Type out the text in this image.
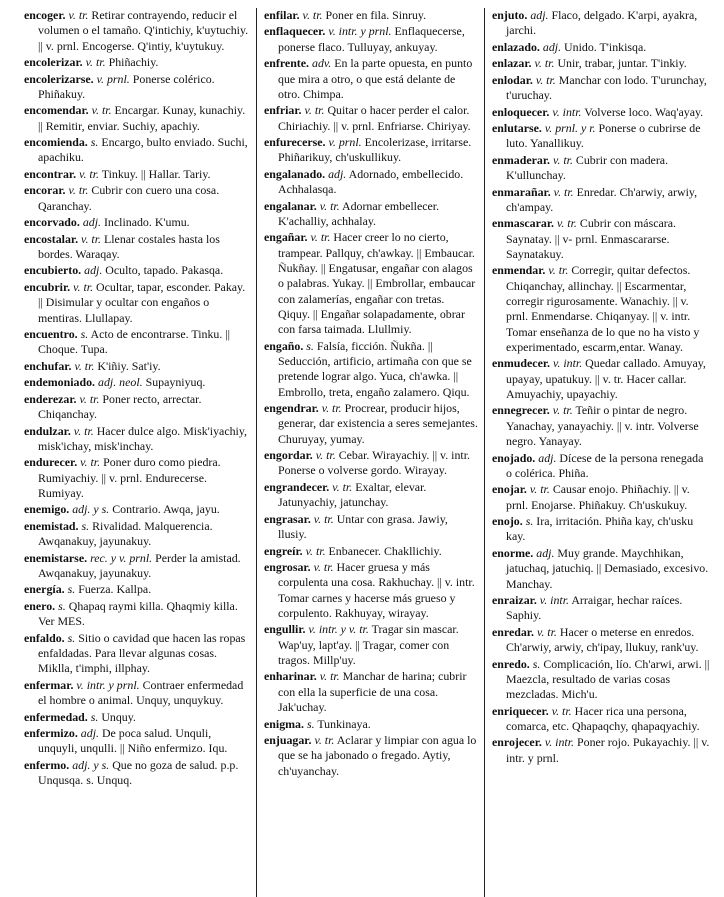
encoger. v. tr. Retirar contrayendo, reducir el volumen o el tamaño. Q'intichiy, k'uytuchiy. || v. prnl. Encogerse. Q'intiy, k'uytukuy.
encolerizar. v. tr. Phiñachiy.
encolerizarse. v. prnl. Ponerse colérico. Phiñakuy.
encomendar. v. tr. Encargar. Kunay, kunachiy. || Remitir, enviar. Suchiy, apachiy.
encomienda. s. Encargo, bulto enviado. Suchi, apachiku.
encontrar. v. tr. Tinkuy. || Hallar. Tariy.
encorar. v. tr. Cubrir con cuero una cosa. Qaranchay.
encorvado. adj. Inclinado. K'umu.
encostalar. v. tr. Llenar costales hasta los bordes. Waraqay.
encubierto. adj. Oculto, tapado. Pakasqa.
encubrir. v. tr. Ocultar, tapar, esconder. Pakay. || Disimular y ocultar con engaños o mentiras. Llullapay.
encuentro. s. Acto de encontrarse. Tinku. || Choque. Tupa.
enchufar. v. tr. K'iñiy. Sat'iy.
endemoniado. adj. neol. Supayniyuq.
enderezar. v. tr. Poner recto, arrectar. Chiqanchay.
endulzar. v. tr. Hacer dulce algo. Misk'iyachiy, misk'ichay, misk'inchay.
endurecer. v. tr. Poner duro como piedra. Rumiyachiy. || v. prnl. Endurecerse. Rumiyay.
enemigo. adj. y s. Contrario. Awqa, jayu.
enemistad. s. Rivalidad. Malquerencia. Awqanakuy, jayunakuy.
enemistarse. rec. y v. prnl. Perder la amistad. Awqanakuy, jayunakuy.
energía. s. Fuerza. Kallpa.
enero. s. Qhapaq raymi killa. Qhaqmiy killa. Ver MES.
enfaldo. s. Sitio o cavidad que hacen las ropas enfaldadas. Para llevar algunas cosas. Miklla, t'imphi, illphay.
enfermar. v. intr. y prnl. Contraer enfermedad el hombre o animal. Unquy, unquykuy.
enfermedad. s. Unquy.
enfermizo. adj. De poca salud. Unquli, unquyli, unqulli. || Niño enfermizo. Iqu.
enfermo. adj. y s. Que no goza de salud. p.p. Unqusqa. s. Unquq.
enfilar. v. tr. Poner en fila. Sinruy.
enflaquecer. v. intr. y prnl. Enflaquecerse, ponerse flaco. Tulluyay, ankuyay.
enfrente. adv. En la parte opuesta, en punto que mira a otro, o que está delante de otro. Chimpa.
enfriar. v. tr. Quitar o hacer perder el calor. Chiriachiy. || v. prnl. Enfriarse. Chiriyay.
enfurecerse. v. prnl. Encolerizase, irritarse. Phiñarikuy, ch'uskullikuy.
engalanado. adj. Adornado, embellecido. Achhalasqa.
engalanar. v. tr. Adornar embellecer. K'achalliy, achhalay.
engañar. v. tr. Hacer creer lo no cierto, trampear. Pallquy, ch'awkay. || Embaucar. Ñukñay. || Engatusar, engañar con alagos o palabras. Yukay. || Embrollar, embaucar con zalamerías, engañar con tretas. Qiquy. || Engañar solapadamente, obrar con farsa taimada. Llullmiy.
engaño. s. Falsía, ficción. Ñukña. || Seducción, artificio, artimaña con que se pretende lograr algo. Yuca, ch'awka. || Embrollo, treta, engaño zalamero. Qiqu.
engendrar. v. tr. Procrear, producir hijos, generar, dar existencia a seres semejantes. Churuyay, yumay.
engordar. v. tr. Cebar. Wirayachiy. || v. intr. Ponerse o volverse gordo. Wirayay.
engrandecer. v. tr. Exaltar, elevar. Jatunyachiy, jatunchay.
engrasar. v. tr. Untar con grasa. Jawiy, llusiy.
engreír. v. tr. Enbanecer. Chakllichiy.
engrosar. v. tr. Hacer gruesa y más corpulenta una cosa. Rakhuchay. || v. intr. Tomar carnes y hacerse más grueso y corpulento. Rakhuyay, wirayay.
engullir. v. intr. y v. tr. Tragar sin mascar. Wap'uy, lapt'ay. || Tragar, comer con tragos. Millp'uy.
enharinar. v. tr. Manchar de harina; cubrir con ella la superficie de una cosa. Jak'uchay.
enigma. s. Tunkinaya.
enjuagar. v. tr. Aclarar y limpiar con agua lo que se ha jabonado o fregado. Aytiy, ch'uyanchay.
enjuto. adj. Flaco, delgado. K'arpi, ayakra, jarchi.
enlazado. adj. Unido. T'inkisqa.
enlazar. v. tr. Unir, trabar, juntar. T'inkiy.
enlodar. v. tr. Manchar con lodo. T'urunchay, t'uruchay.
enloquecer. v. intr. Volverse loco. Waq'ayay.
enlutarse. v. prnl. y r. Ponerse o cubrirse de luto. Yanallikuy.
enmaderar. v. tr. Cubrir con madera. K'ullunchay.
enmarañar. v. tr. Enredar. Ch'arwiy, arwiy, ch'ampay.
enmascarar. v. tr. Cubrir con máscara. Saynatay. || v- prnl. Enmascararse. Saynatakuy.
enmendar. v. tr. Corregir, quitar defectos. Chiqanchay, allinchay. || Escarmentar, corregir rigurosamente. Wanachiy. || v. prnl. Enmendarse. Chiqanyay. || v. intr. Tomar enseñanza de lo que no ha visto y experimentado, escarm,entar. Wanay.
enmudecer. v. intr. Quedar callado. Amuyay, upayay, upatukuy. || v. tr. Hacer callar. Amuyachiy, upayachiy.
ennegrecer. v. tr. Teñir o pintar de negro. Yanachay, yanayachiy. || v. intr. Volverse negro. Yanayay.
enojado. adj. Dícese de la persona renegada o colérica. Phiña.
enojar. v. tr. Causar enojo. Phiñachiy. || v. prnl. Enojarse. Phiñakuy. Ch'uskukuy.
enojo. s. Ira, irritación. Phiña kay, ch'usku kay.
enorme. adj. Muy grande. Maychhikan, jatuchaq, jatuchiq. || Demasiado, excesivo. Manchay.
enraizar. v. intr. Arraigar, hechar raíces. Saphiy.
enredar. v. tr. Hacer o meterse en enredos. Ch'arwiy, arwiy, ch'ipay, llukuy, rank'uy.
enredo. s. Complicación, lío. Ch'arwi, arwi. || Maezcla, resultado de varias cosas mezcladas. Mich'u.
enriquecer. v. tr. Hacer rica una persona, comarca, etc. Qhapaqchy, qhapaqyachiy.
enrojecer. v. intr. Poner rojo. Pukayachiy. || v. intr. y prnl.
